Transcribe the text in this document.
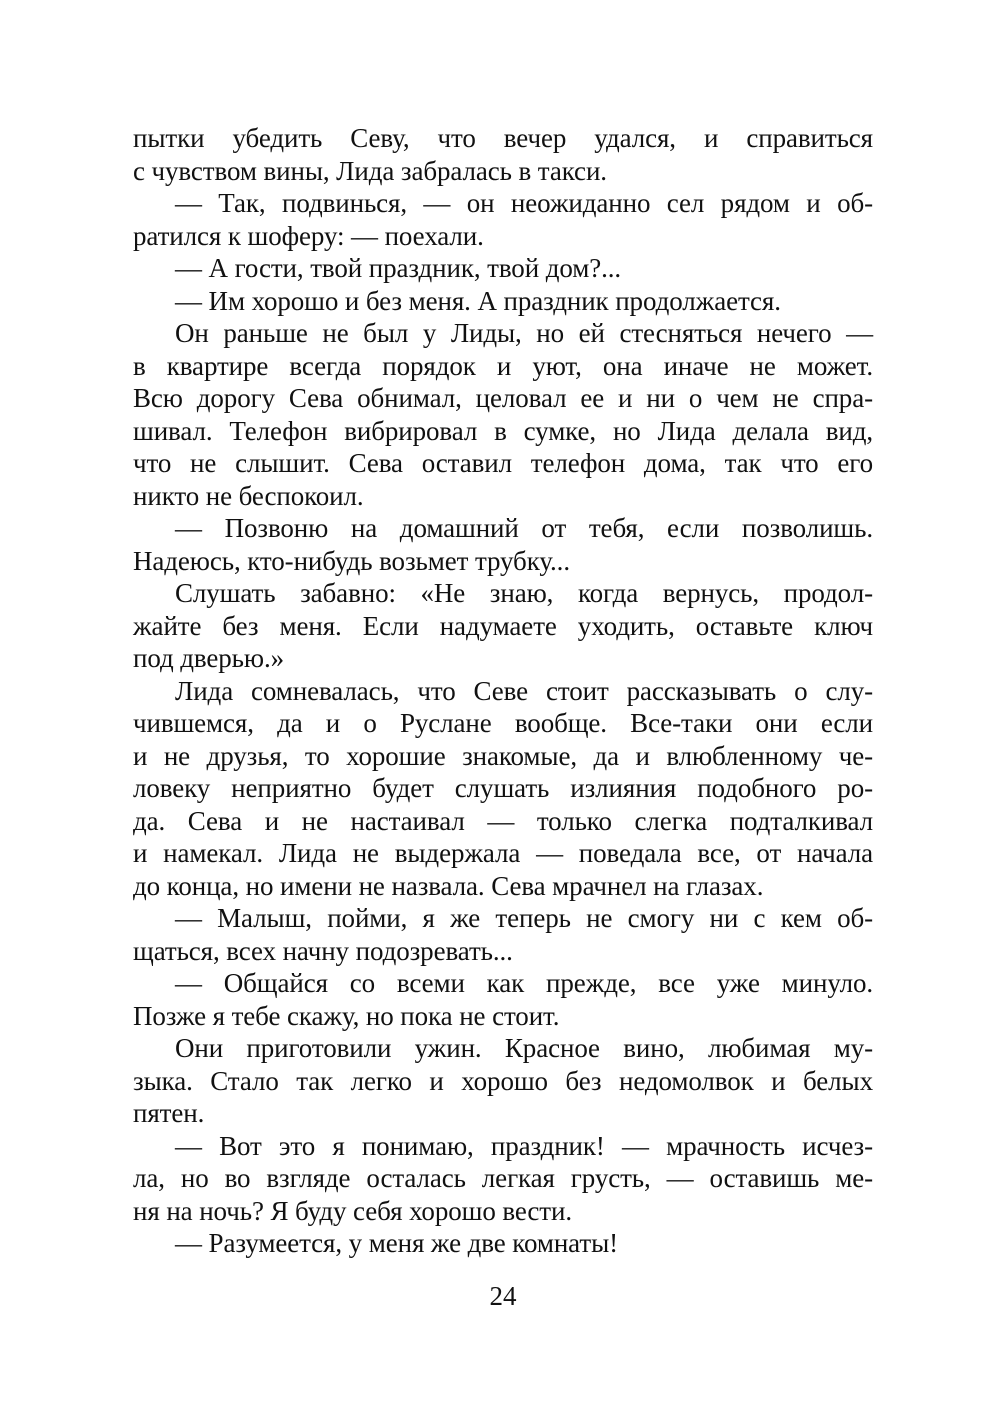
пытки убедить Севу, что вечер удался, и справиться
с чувством вины, Лида забралась в такси.

— Так, подвинься, — он неожиданно сел рядом и об-
ратился к шоферу: — поехали.

— А гости, твой праздник, твой дом?...

— Им хорошо и без меня. А праздник продолжается.

Он раньше не был у Лиды, но ей стесняться нечего —
в квартире всегда порядок и уют, она иначе не может.
Всю дорогу Сева обнимал, целовал ее и ни о чем не спра-
шивал. Телефон вибрировал в сумке, но Лида делала вид,
что не слышит. Сева оставил телефон дома, так что его
никто не беспокоил.

— Позвоню на домашний от тебя, если позволишь.
Надеюсь, кто-нибудь возьмет трубку...

Слушать забавно: «Не знаю, когда вернусь, продол-
жайте без меня. Если надумаете уходить, оставьте ключ
под дверью.»

Лида сомневалась, что Севе стоит рассказывать о слу-
чившемся, да и о Руслане вообще. Все-таки они если
и не друзья, то хорошие знакомые, да и влюбленному че-
ловеку неприятно будет слушать излияния подобного ро-
да. Сева и не настаивал — только слегка подталкивал
и намекал. Лида не выдержала — поведала все, от начала
до конца, но имени не назвала. Сева мрачнел на глазах.

— Малыш, пойми, я же теперь не смогу ни с кем об-
щаться, всех начну подозревать...

— Общайся со всеми как прежде, все уже минуло.
Позже я тебе скажу, но пока не стоит.

Они приготовили ужин. Красное вино, любимая му-
зыка. Стало так легко и хорошо без недомолвок и белых
пятен.

— Вот это я понимаю, праздник! — мрачность исчез-
ла, но во взгляде осталась легкая грусть, — оставишь ме-
ня на ночь? Я буду себя хорошо вести.

— Разумеется, у меня же две комнаты!

24
